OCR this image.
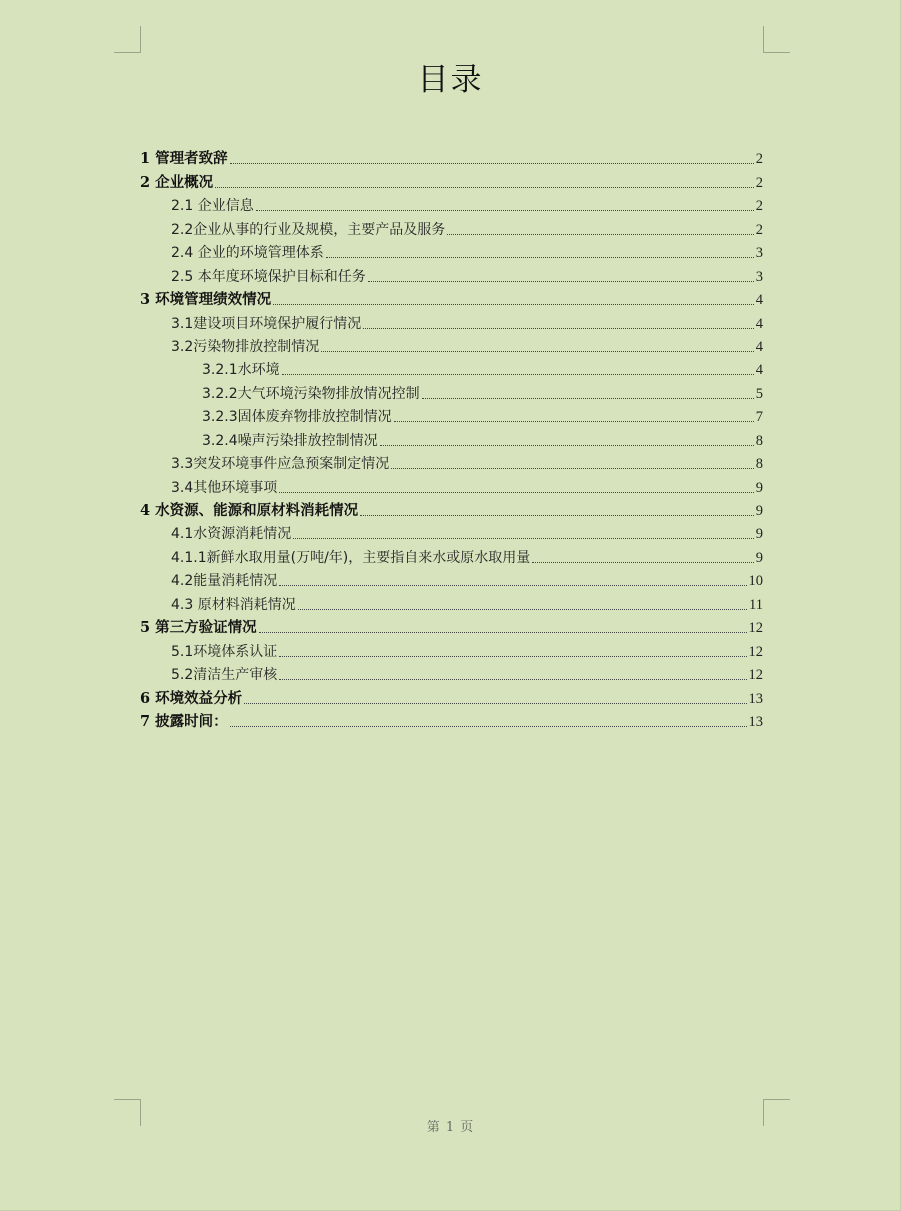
目录
1 管理者致辞	2
2 企业概况	2
2.1 企业信息	2
2.2企业从事的行业及规模，主要产品及服务	2
2.4 企业的环境管理体系	3
2.5 本年度环境保护目标和任务	3
3 环境管理绩效情况	4
3.1建设项目环境保护履行情况	4
3.2污染物排放控制情况	4
3.2.1水环境	4
3.2.2大气环境污染物排放情况控制	5
3.2.3固体废弃物排放控制情况	7
3.2.4噪声污染排放控制情况	8
3.3突发环境事件应急预案制定情况	8
3.4其他环境事项	9
4 水资源、能源和原材料消耗情况	9
4.1水资源消耗情况	9
4.1.1新鲜水取用量(万吨/年)，主要指自来水或原水取用量	9
4.2能量消耗情况	10
4.3 原材料消耗情况	11
5 第三方验证情况	12
5.1环境体系认证	12
5.2清洁生产审核	12
6 环境效益分析	13
7 披露时间：	13
第 1 页
